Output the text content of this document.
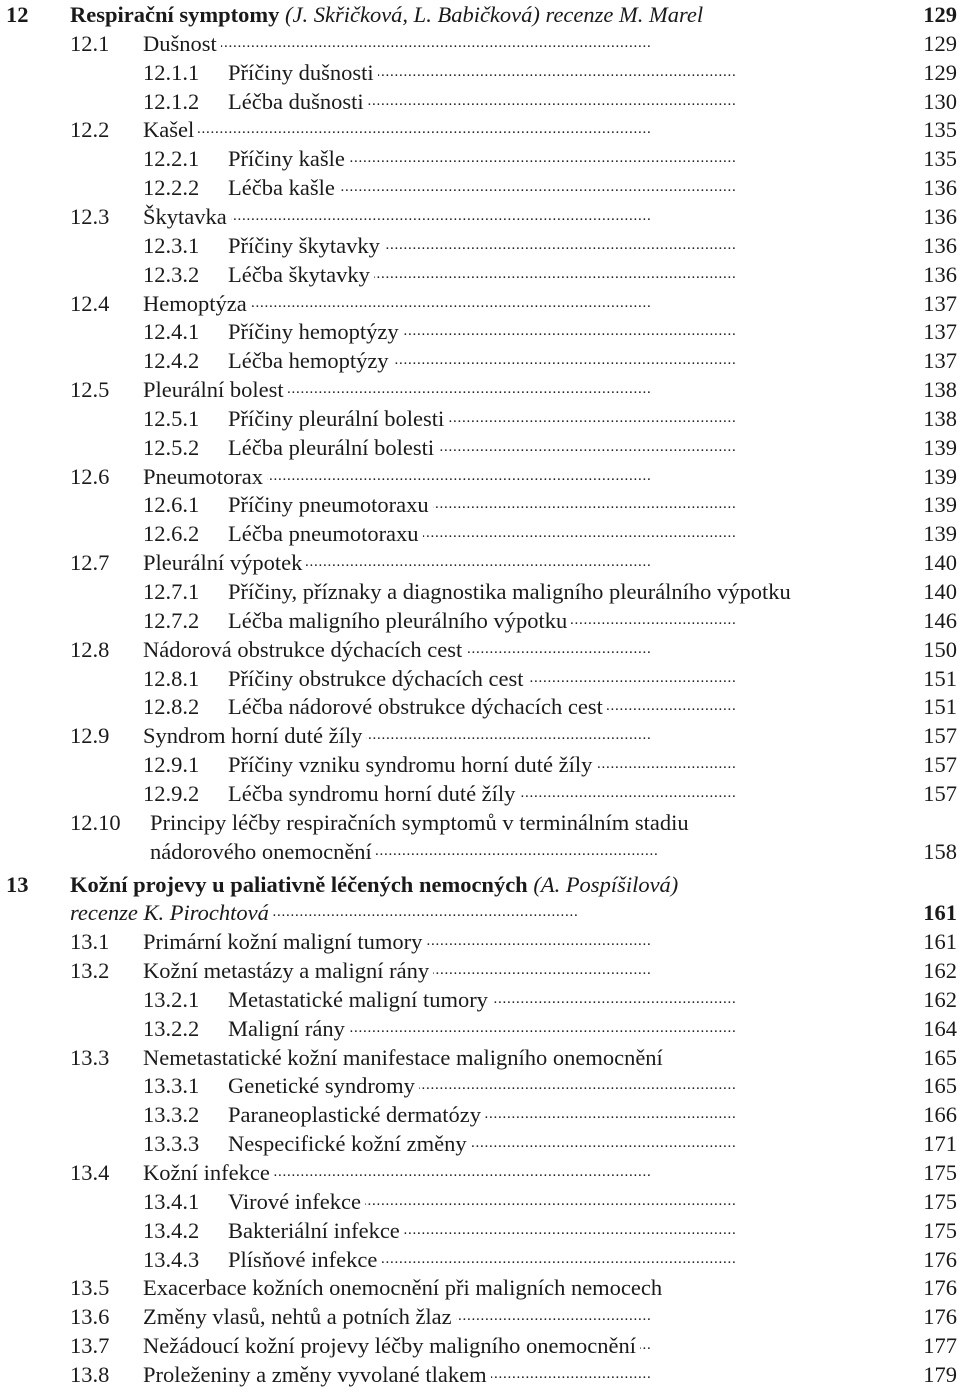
12 Respirační symptomy (J. Skřičková, L. Babičková) recenze M. Marel . . .	129
12.1 Dušnost . . .	129
12.1.1 Příčiny dušnosti . . .	129
12.1.2 Léčba dušnosti . . .	130
12.2 Kašel . . .	135
12.2.1 Příčiny kašle . . .	135
12.2.2 Léčba kašle . . .	136
12.3 Škytavka . . .	136
12.3.1 Příčiny škytavky . . .	136
12.3.2 Léčba škytavky . . .	136
12.4 Hemoptýza . . .	137
12.4.1 Příčiny hemoptýzy . . .	137
12.4.2 Léčba hemoptýzy . . .	137
12.5 Pleurální bolest . . .	138
12.5.1 Příčiny pleurální bolesti . . .	138
12.5.2 Léčba pleurální bolesti . . .	139
12.6 Pneumotorax . . .	139
12.6.1 Příčiny pneumotoraxu . . .	139
12.6.2 Léčba pneumotoraxu . . .	139
12.7 Pleurální výpotek . . .	140
12.7.1 Příčiny, příznaky a diagnostika maligního pleurálního výpotku . . .	140
12.7.2 Léčba maligního pleurálního výpotku . . .	146
12.8 Nádorová obstrukce dýchacích cest . . .	150
12.8.1 Příčiny obstrukce dýchacích cest . . .	151
12.8.2 Léčba nádorové obstrukce dýchacích cest . . .	151
12.9 Syndrom horní duté žíly . . .	157
12.9.1 Příčiny vzniku syndromu horní duté žíly . . .	157
12.9.2 Léčba syndromu horní duté žíly . . .	157
12.10 Principy léčby respiračních symptomů v terminálním stadiu
nádorového onemocnění . . .	158
13 Kožní projevy u paliativně léčených nemocných (A. Pospíšilová)
recenze K. Pirochtová . . .	161
13.1 Primární kožní maligní tumory . . .	161
13.2 Kožní metastázy a maligní rány . . .	162
13.2.1 Metastatické maligní tumory . . .	162
13.2.2 Maligní rány . . .	164
13.3 Nemetastatické kožní manifestace maligního onemocnění . . .	165
13.3.1 Genetické syndromy . . .	165
13.3.2 Paraneoplastické dermatózy . . .	166
13.3.3 Nespecifické kožní změny . . .	171
13.4 Kožní infekce . . .	175
13.4.1 Virové infekce . . .	175
13.4.2 Bakteriální infekce . . .	175
13.4.3 Plísňové infekce . . .	176
13.5 Exacerbace kožních onemocnění při maligních nemocech . . .	176
13.6 Změny vlasů, nehtů a potních žlaz . . .	176
13.7 Nežádoucí kožní projevy léčby maligního onemocnění . . .	177
13.8 Proleženiny a změny vyvolané tlakem . . .	179
